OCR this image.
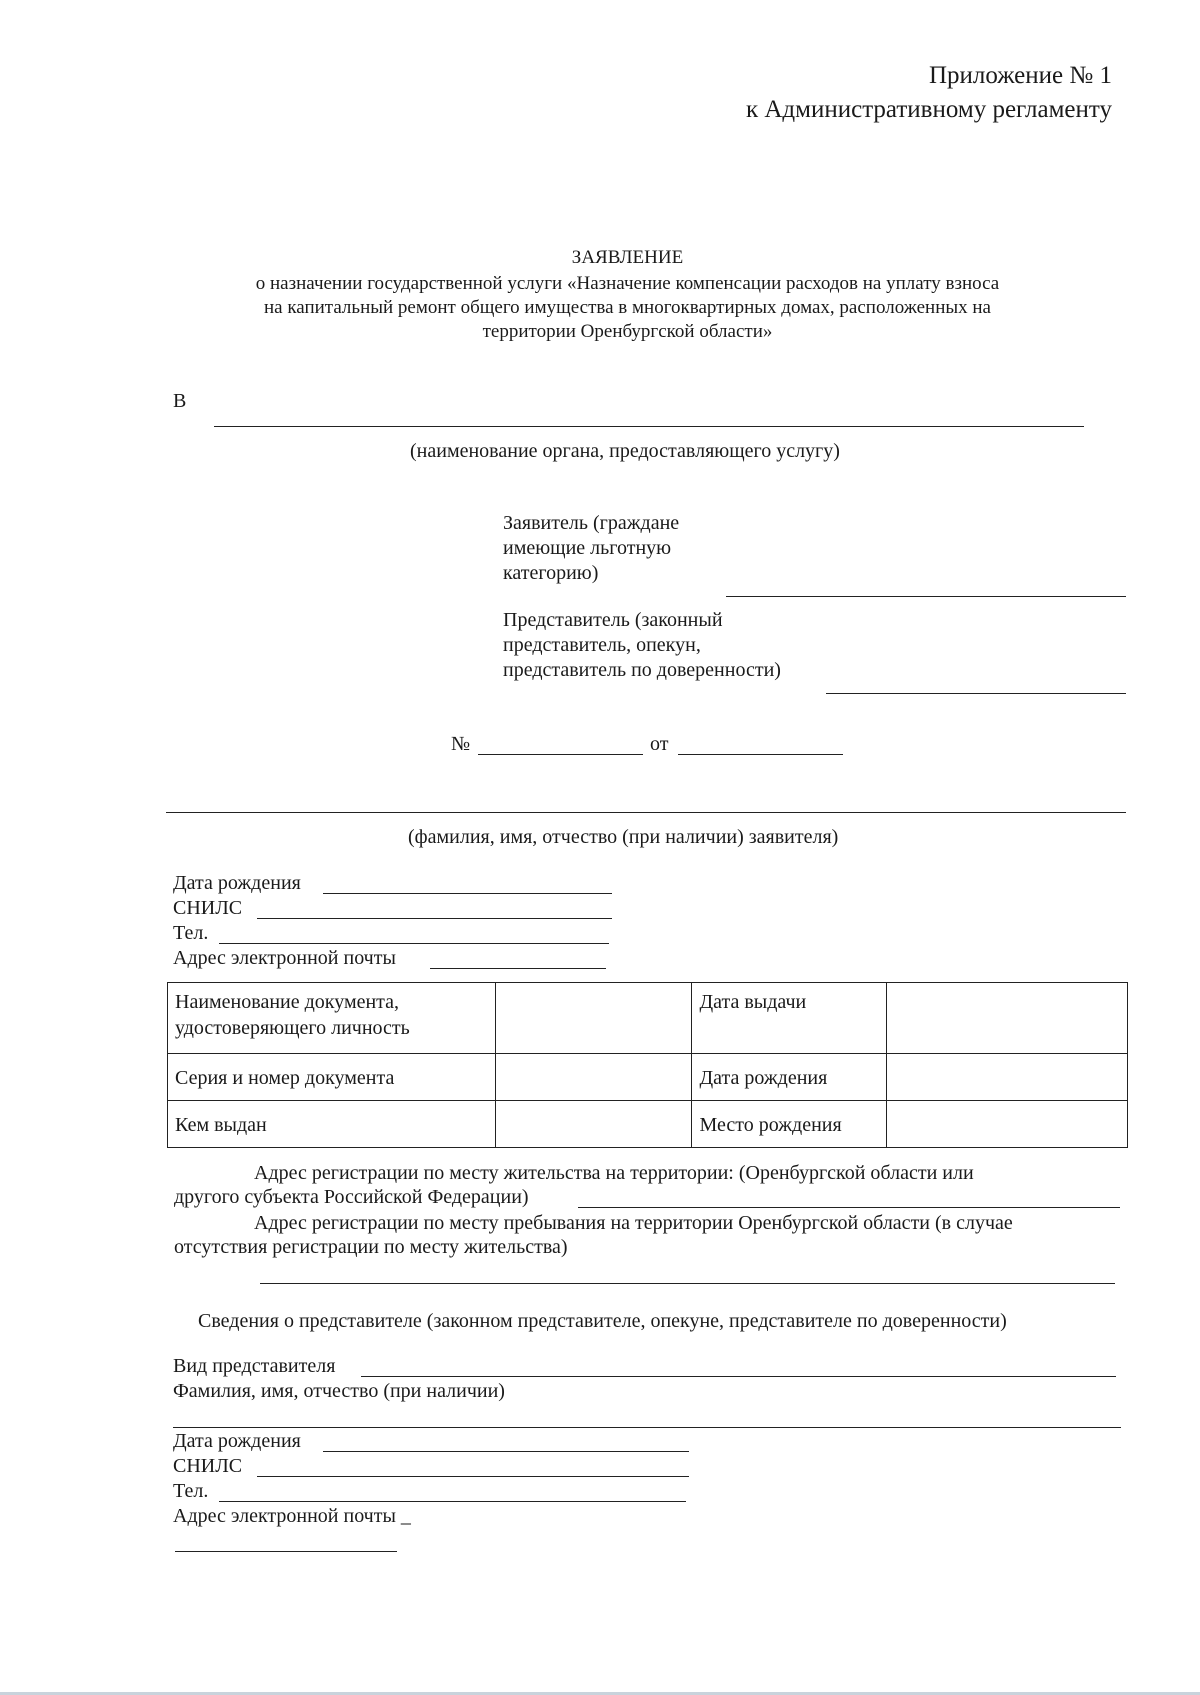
Приложение № 1
к Административному регламенту
ЗАЯВЛЕНИЕ
о назначении государственной услуги «Назначение компенсации расходов на уплату взноса
на капитальный ремонт общего имущества в многоквартирных домах, расположенных на
территории Оренбургской области»
В
(наименование органа, предоставляющего услугу)
Заявитель (граждане
имеющие льготную
категорию)
Представитель (законный
представитель, опекун,
представитель по доверенности)
№	от
(фамилия, имя, отчество (при наличии) заявителя)
Дата рождения
СНИЛС
Тел.
Адрес электронной почты
Наименование документа, удостоверяющего личность		Дата выдачи	
Серия и номер документа		Дата рождения	
Кем выдан		Место рождения	
Адрес регистрации по месту жительства на территории: (Оренбургской области или
другого субъекта Российской Федерации)
Адрес регистрации по месту пребывания на территории Оренбургской области (в случае
отсутствия регистрации по месту жительства)
Сведения о представителе (законном представителе, опекуне, представителе по доверенности)
Вид представителя
Фамилия, имя, отчество (при наличии)
Дата рождения
СНИЛС
Тел.
Адрес электронной почты _
